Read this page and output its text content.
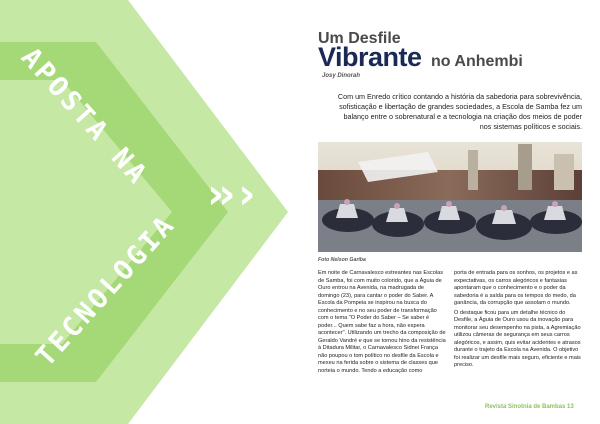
APOSTA NA
TECNOLOGIA
›› ›
Um Desfile
Vibrante no Anhembi
Josy Dinorah

Com um Enredo crítico contando a história da sabedoria para sobrevivência, sofisticação e libertação de grandes sociedades, a Escola de Samba fez um balanço entre o sobrenatural e a tecnologia na criação dos meios de poder nos sistemas políticos e sociais.

Foto Nelson Gariba

Em noite de Carnavalesco estreantes nas Escolas de Samba, foi com muito colorido, que a Águia de Ouro entrou na Avenida, na madrugada de domingo (23), para cantar o poder do Saber. A Escola da Pompeia se inspirou na busca do conhecimento e no seu poder de transformação com o tema "O Poder do Saber – Se saber é poder... Quem sabe faz a hora, não espera acontecer". Utilizando um trecho da composição de Geraldo Vandré e que se tornou hino da resistência à Ditadura Militar, o Carnavalesco Sidnei França não poupou o tom político no desfile da Escola e mexeu na ferida sobre o sistema de classes que norteia o mundo. Tendo a educação como

porta de entrada para os sonhos, os projetos e as expectativas, os carros alegóricos e fantasias apontaram que o conhecimento e o poder da sabedoria é a saída para os tempos do medo, da ganância, da corrupção que assolam o mundo.

O destaque ficou para um detalhe técnico do Desfile, a Águia de Ouro usou da inovação para monitorar seu desempenho na pista, a Agremiação utilizou câmeras de segurança em seus carros alegóricos, e assim, quis evitar acidentes e atrasos durante o trajeto da Escola na Avenida. O objetivo foi realizar um desfile mais seguro, eficiente e mais preciso.

Revista Sinotnia de Bambas 13
